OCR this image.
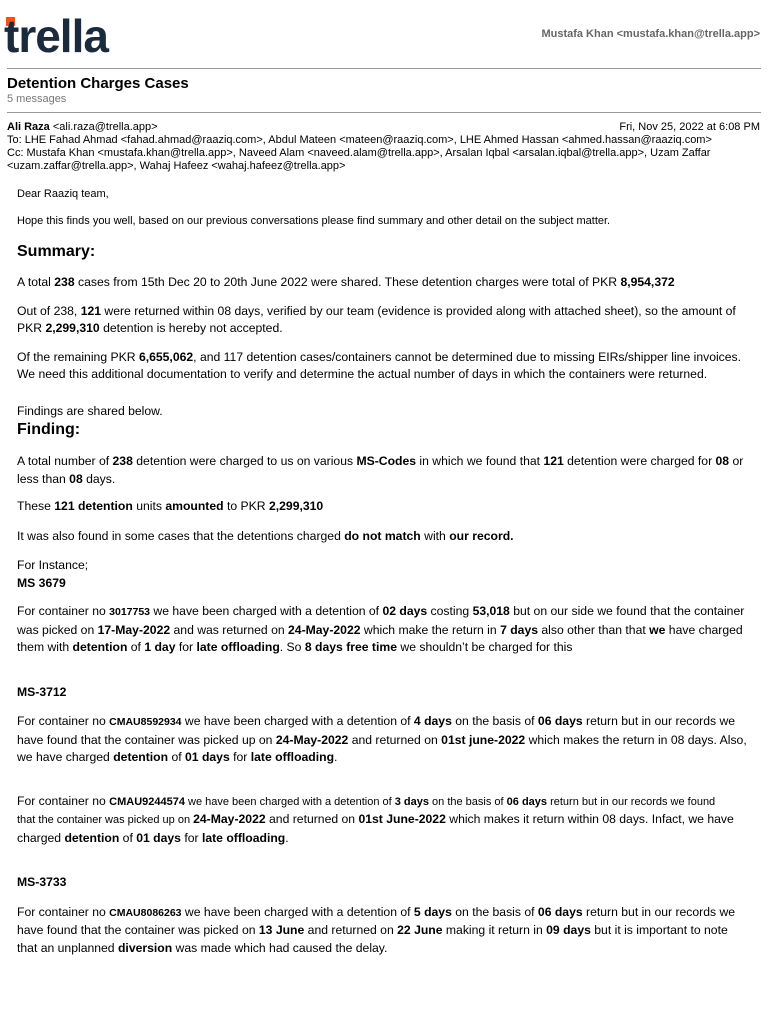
trella	Mustafa Khan <mustafa.khan@trella.app>
Detention Charges Cases
5 messages
Ali Raza <ali.raza@trella.app>	Fri, Nov 25, 2022 at 6:08 PM
To: LHE Fahad Ahmad <fahad.ahmad@raaziq.com>, Abdul Mateen <mateen@raaziq.com>, LHE Ahmed Hassan <ahmed.hassan@raaziq.com>
Cc: Mustafa Khan <mustafa.khan@trella.app>, Naveed Alam <naveed.alam@trella.app>, Arsalan Iqbal <arsalan.iqbal@trella.app>, Uzam Zaffar
<uzam.zaffar@trella.app>, Wahaj Hafeez <wahaj.hafeez@trella.app>

Dear Raaziq team,

Hope this finds you well, based on our previous conversations please find summary and other detail on the subject matter.

Summary:

A total 238 cases from 15th Dec 20 to 20th June 2022 were shared. These detention charges were total of PKR 8,954,372

Out of 238, 121 were returned within 08 days, verified by our team (evidence is provided along with attached sheet), so the amount of PKR 2,299,310 detention is hereby not accepted.

Of the remaining PKR 6,655,062, and 117 detention cases/containers cannot be determined due to missing EIRs/shipper line invoices.

We need this additional documentation to verify and determine the actual number of days in which the containers were returned.

Findings are shared below.

Finding:

A total number of 238 detention were charged to us on various MS-Codes in which we found that 121 detention were charged for 08 or less than 08 days.

These 121 detention units amounted to PKR 2,299,310

It was also found in some cases that the detentions charged do not match with our record.

For Instance;

MS 3679

For container no 3017753 we have been charged with a detention of 02 days costing 53,018 but on our side we found that the container was picked on 17-May-2022 and was returned on 24-May-2022 which make the return in 7 days also other than that we have charged them with detention of 1 day for late offloading. So 8 days free time we shouldn’t be charged for this

MS-3712

For container no CMAU8592934 we have been charged with a detention of 4 days on the basis of 06 days return but in our records we have found that the container was picked up on 24-May-2022 and returned on 01st june-2022 which makes the return in 08 days. Also, we have charged detention of 01 days for late offloading.

For container no CMAU9244574 we have been charged with a detention of 3 days on the basis of 06 days return but in our records we found

that the container was picked up on 24-May-2022 and returned on 01st June-2022 which makes it return within 08 days. Infact, we have charged detention of 01 days for late offloading.

MS-3733

For container no CMAU8086263 we have been charged with a detention of 5 days on the basis of 06 days return but in our records we have found that the container was picked on 13 June and returned on 22 June making it return in 09 days but it is important to note that an unplanned diversion was made which had caused the delay.
